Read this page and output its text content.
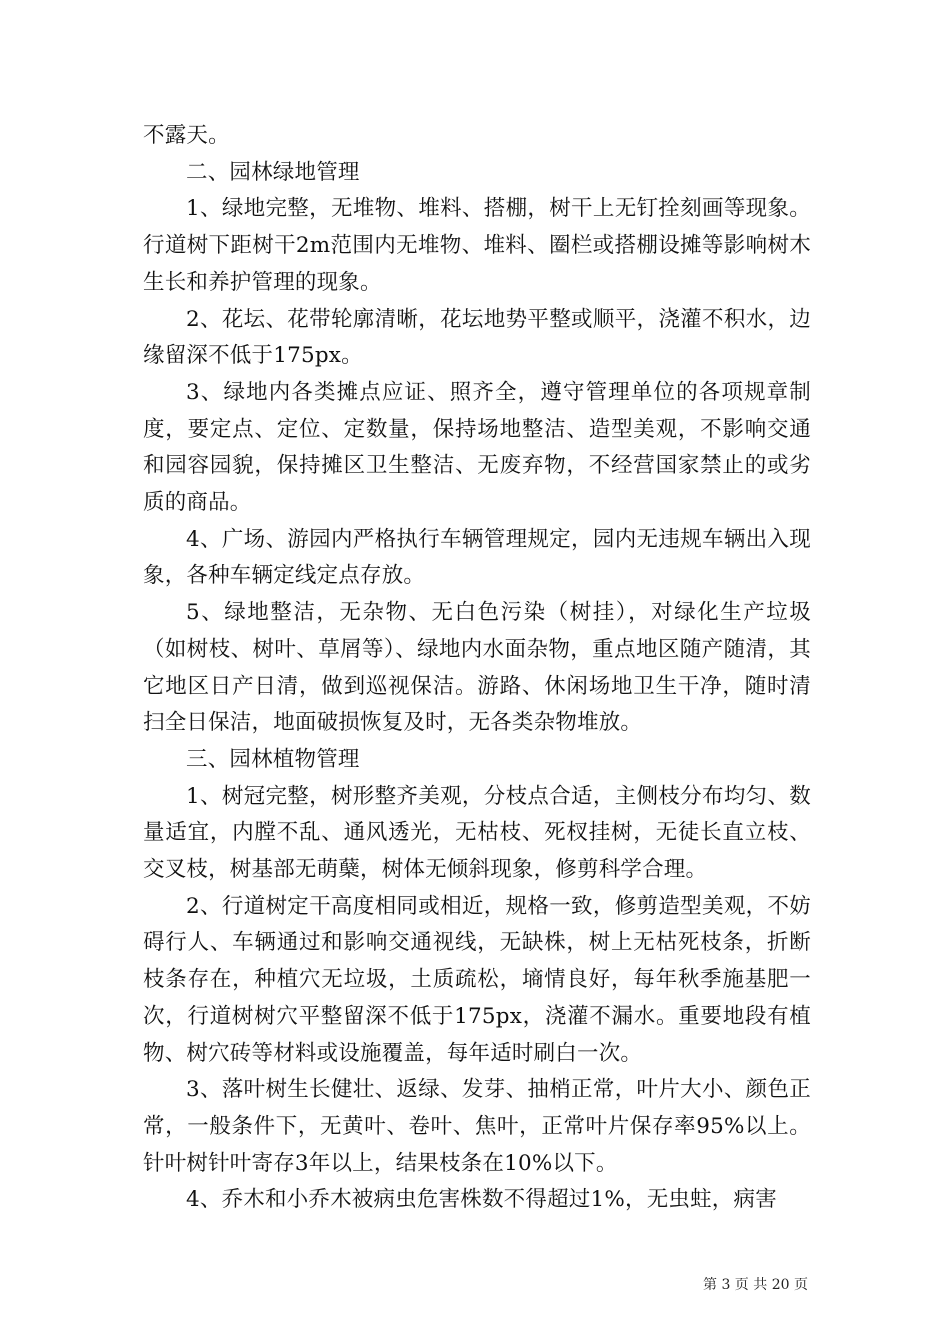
不露天。

二、园林绿地管理

1、绿地完整，无堆物、堆料、搭棚，树干上无钉拴刻画等现象。行道树下距树干2m范围内无堆物、堆料、圈栏或搭棚设摊等影响树木生长和养护管理的现象。

2、花坛、花带轮廓清晰，花坛地势平整或顺平，浇灌不积水，边缘留深不低于175px。

3、绿地内各类摊点应证、照齐全，遵守管理单位的各项规章制度，要定点、定位、定数量，保持场地整洁、造型美观，不影响交通和园容园貌，保持摊区卫生整洁、无废弃物，不经营国家禁止的或劣质的商品。

4、广场、游园内严格执行车辆管理规定，园内无违规车辆出入现象，各种车辆定线定点存放。

5、绿地整洁，无杂物、无白色污染（树挂），对绿化生产垃圾（如树枝、树叶、草屑等）、绿地内水面杂物，重点地区随产随清，其它地区日产日清，做到巡视保洁。游路、休闲场地卫生干净，随时清扫全日保洁，地面破损恢复及时，无各类杂物堆放。

三、园林植物管理

1、树冠完整，树形整齐美观，分枝点合适，主侧枝分布均匀、数量适宜，内膛不乱、通风透光，无枯枝、死杈挂树，无徒长直立枝、交叉枝，树基部无萌蘖，树体无倾斜现象，修剪科学合理。

2、行道树定干高度相同或相近，规格一致，修剪造型美观，不妨碍行人、车辆通过和影响交通视线，无缺株，树上无枯死枝条，折断枝条存在，种植穴无垃圾，土质疏松，墒情良好，每年秋季施基肥一次，行道树树穴平整留深不低于175px，浇灌不漏水。重要地段有植物、树穴砖等材料或设施覆盖，每年适时刷白一次。

3、落叶树生长健壮、返绿、发芽、抽梢正常，叶片大小、颜色正常，一般条件下，无黄叶、卷叶、焦叶，正常叶片保存率95%以上。针叶树针叶寄存3年以上，结果枝条在10%以下。

4、乔木和小乔木被病虫危害株数不得超过1%，无虫蛀，病害

第 3 页 共 20 页
